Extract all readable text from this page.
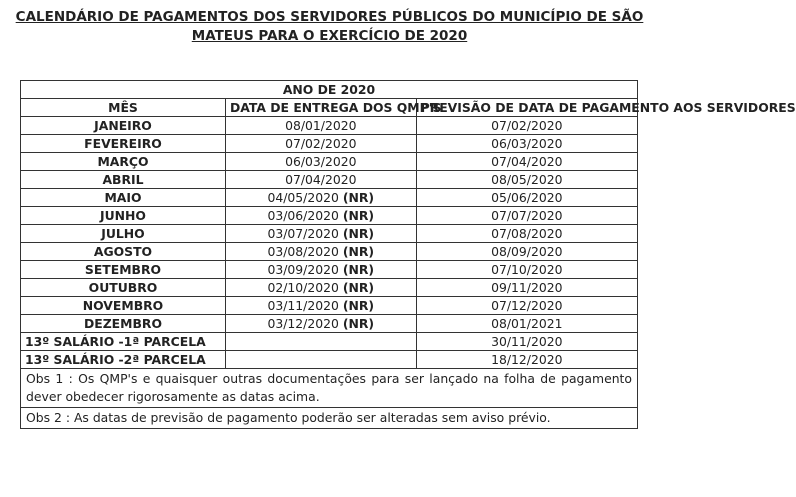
CALENDÁRIO DE PAGAMENTOS DOS SERVIDORES PÚBLICOS DO MUNICÍPIO DE SÃO
MATEUS PARA O EXERCÍCIO DE 2020
ANO DE 2020		
MÊS	DATA DE ENTREGA DOS QMP'S	PREVISÃO DE DATA DE PAGAMENTO AOS SERVIDORES
JANEIRO	08/01/2020	07/02/2020
FEVEREIRO	07/02/2020	06/03/2020
MARÇO	06/03/2020	07/04/2020
ABRIL	07/04/2020	08/05/2020
MAIO	04/05/2020 (NR)	05/06/2020
JUNHO	03/06/2020 (NR)	07/07/2020
JULHO	03/07/2020 (NR)	07/08/2020
AGOSTO	03/08/2020 (NR)	08/09/2020
SETEMBRO	03/09/2020 (NR)	07/10/2020
OUTUBRO	02/10/2020 (NR)	09/11/2020
NOVEMBRO	03/11/2020 (NR)	07/12/2020
DEZEMBRO	03/12/2020 (NR)	08/01/2021
13º SALÁRIO -1ª PARCELA		30/11/2020
13º SALÁRIO -2ª PARCELA		18/12/2020
Obs 1 : Os QMP's e quaisquer outras documentações para ser lançado na folha de pagamento dever obedecer rigorosamente as datas acima.		
Obs 2 : As datas de previsão de pagamento poderão ser alteradas sem aviso prévio.		
